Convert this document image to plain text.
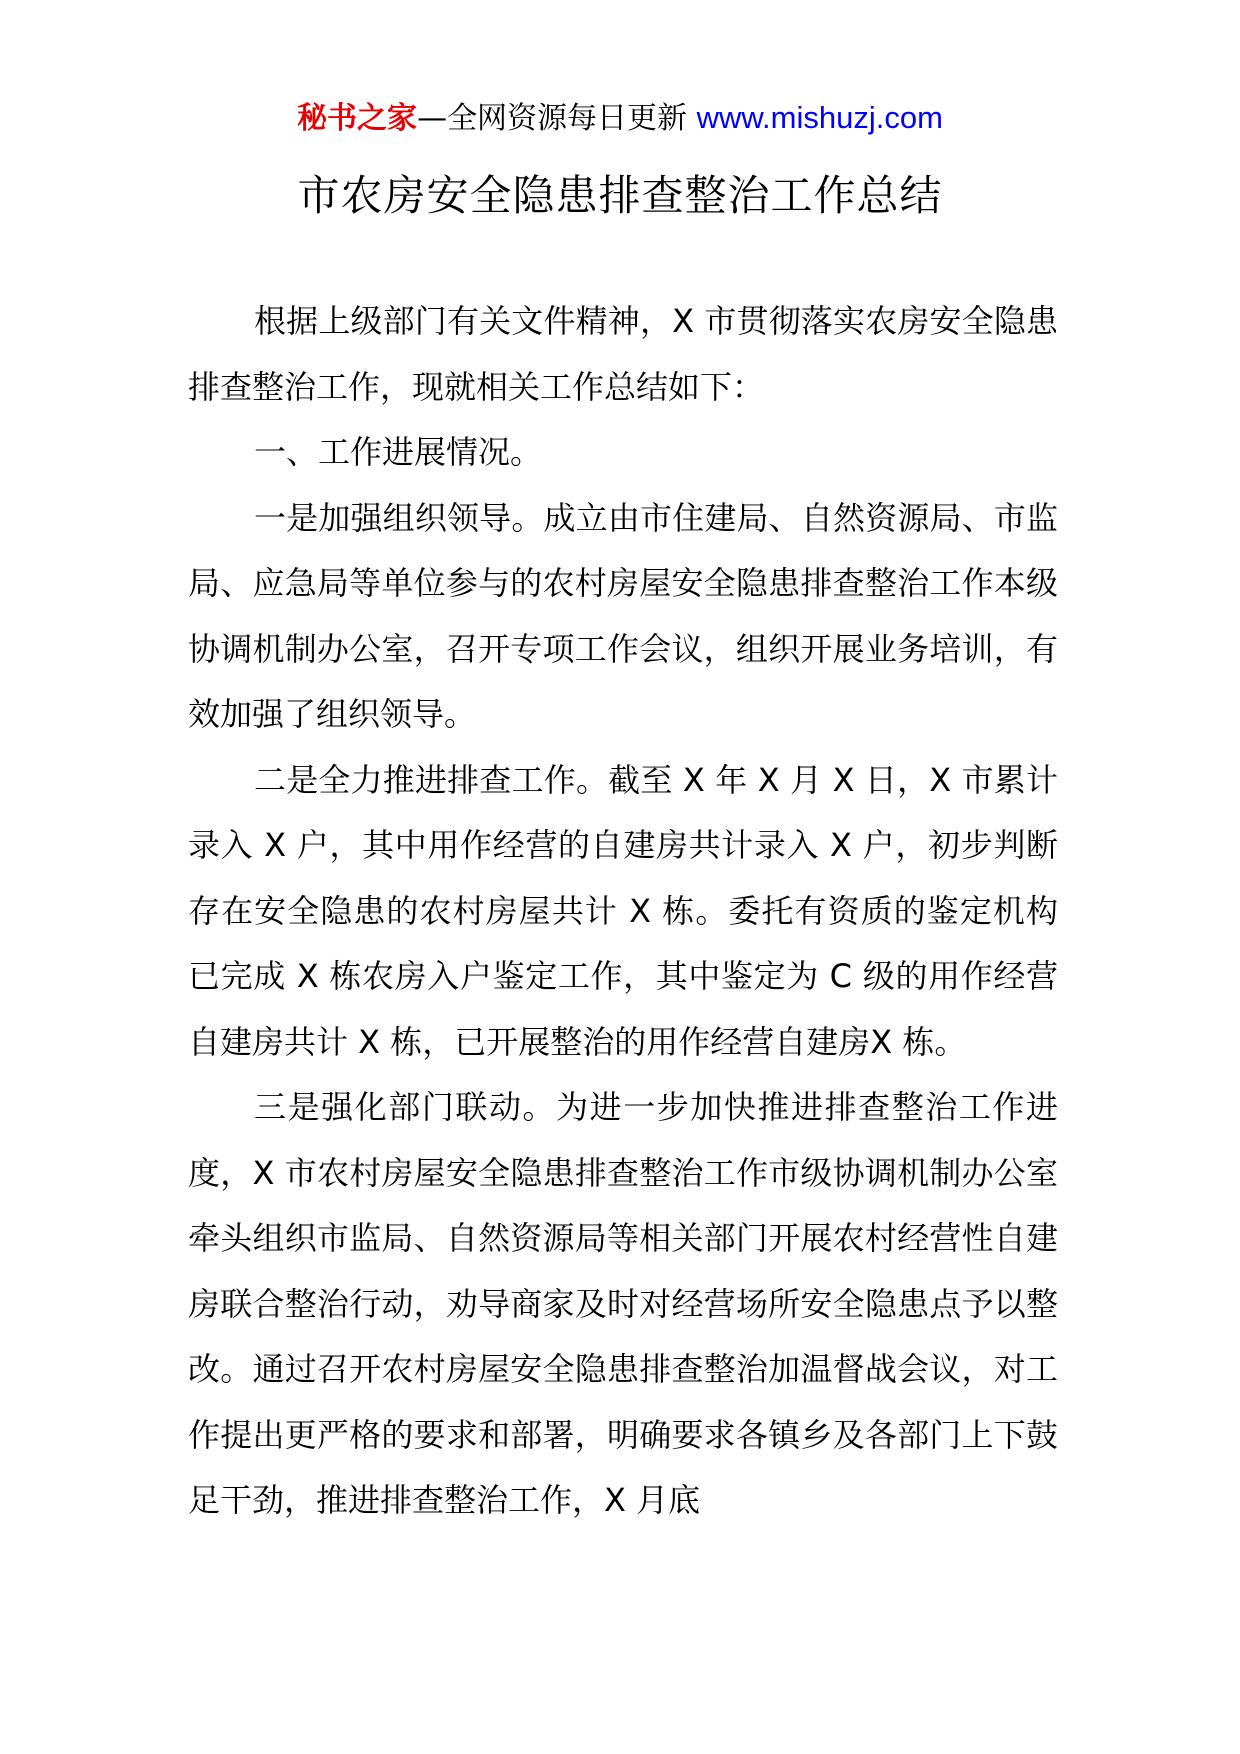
秘书之家—全网资源每日更新 www.mishuzj.com
市农房安全隐患排查整治工作总结

根据上级部门有关文件精神，X 市贯彻落实农房安全隐患排查整治工作，现就相关工作总结如下：

一、工作进展情况。

一是加强组织领导。成立由市住建局、自然资源局、市监局、应急局等单位参与的农村房屋安全隐患排查整治工作本级协调机制办公室，召开专项工作会议，组织开展业务培训，有效加强了组织领导。

二是全力推进排查工作。截至 X 年 X 月 X 日，X 市累计录入 X 户，其中用作经营的自建房共计录入 X 户，初步判断存在安全隐患的农村房屋共计 X 栋。委托有资质的鉴定机构已完成 X 栋农房入户鉴定工作，其中鉴定为 C 级的用作经营自建房共计 X 栋，已开展整治的用作经营自建房X 栋。

三是强化部门联动。为进一步加快推进排查整治工作进度，X 市农村房屋安全隐患排查整治工作市级协调机制办公室牵头组织市监局、自然资源局等相关部门开展农村经营性自建房联合整治行动，劝导商家及时对经营场所安全隐患点予以整改。通过召开农村房屋安全隐患排查整治加温督战会议，对工作提出更严格的要求和部署，明确要求各镇乡及各部门上下鼓足干劲，推进排查整治工作，X 月底
